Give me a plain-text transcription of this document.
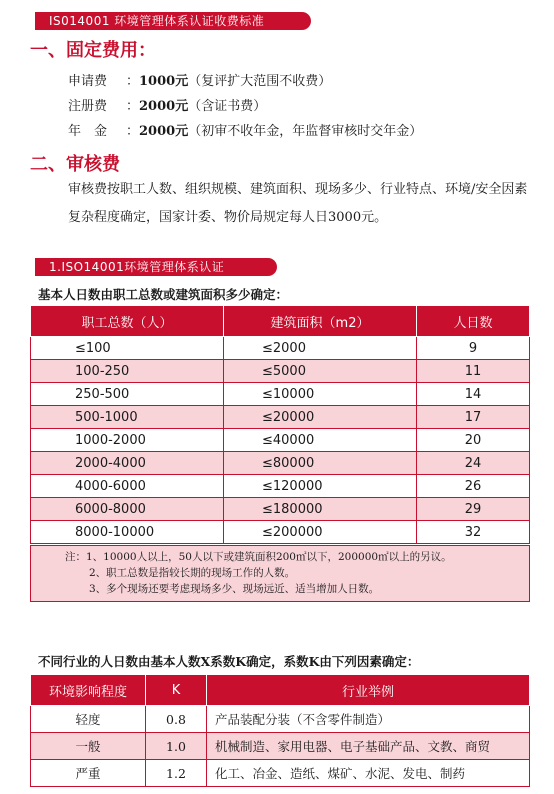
IS014001 环境管理体系认证收费标准
一、固定费用：
申请费 ：1000元（复评扩大范围不收费）
注册费 ：2000元（含证书费）
年　金 ：2000元（初审不收年金，年监督审核时交年金）
二、审核费
审核费按职工人数、组织规模、建筑面积、现场多少、行业特点、环境/安全因素复杂程度确定，国家计委、物价局规定每人日3000元。
1.ISO14001环境管理体系认证
基本人日数由职工总数或建筑面积多少确定：
职工总数（人）	建筑面积（m2）	人日数
≤100	≤2000	9
100-250	≤5000	11
250-500	≤10000	14
500-1000	≤20000	17
1000-2000	≤40000	20
2000-4000	≤80000	24
4000-6000	≤120000	26
6000-8000	≤180000	29
8000-10000	≤200000	32
注：1、10000人以上，50人以下或建筑面积200㎡以下，200000㎡以上的另议。
2、职工总数是指较长期的现场工作的人数。
3、多个现场还要考虑现场多少、现场远近、适当增加人日数。
不同行业的人日数由基本人数X系数K确定，系数K由下列因素确定：
环境影响程度	K	行业举例
轻度	0.8	产品装配分装（不含零件制造）
一般	1.0	机械制造、家用电器、电子基础产品、文教、商贸
严重	1.2	化工、冶金、造纸、煤矿、水泥、发电、制药
